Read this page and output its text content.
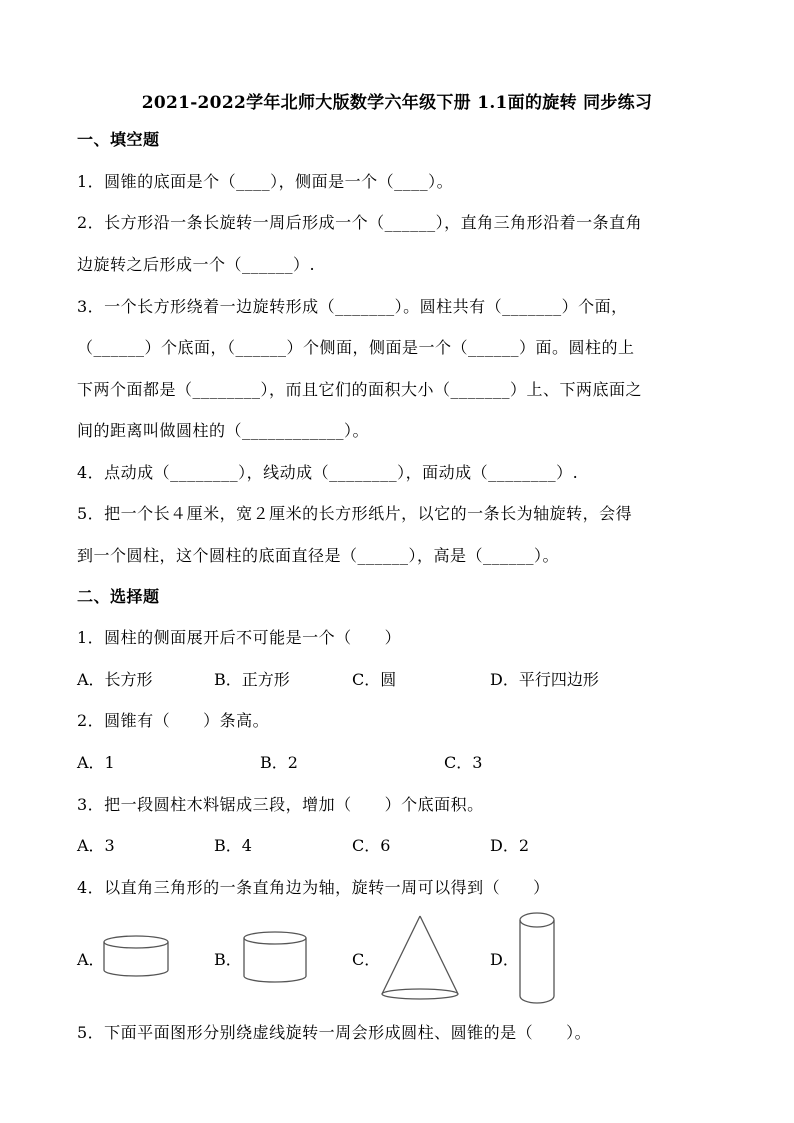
2021-2022学年北师大版数学六年级下册 1.1面的旋转 同步练习
一、填空题
1．圆锥的底面是个（____），侧面是一个（____）。
2．长方形沿一条长旋转一周后形成一个（______），直角三角形沿着一条直角
边旋转之后形成一个（______）.
3．一个长方形绕着一边旋转形成（_______）。圆柱共有（_______）个面，
（______）个底面，（______）个侧面，侧面是一个（______）面。圆柱的上
下两个面都是（________），而且它们的面积大小（_______）上、下两底面之
间的距离叫做圆柱的（____________）。
4．点动成（________），线动成（________），面动成（________）.
5．把一个长４厘米，宽２厘米的长方形纸片，以它的一条长为轴旋转，会得
到一个圆柱，这个圆柱的底面直径是（______），高是（______）。
二、选择题
1．圆柱的侧面展开后不可能是一个（　　）
A．长方形	B．正方形	C．圆	D．平行四边形
2．圆锥有（　　）条高。
A．1	B．2	C．3
3．把一段圆柱木料锯成三段，增加（　　）个底面积。
A．3	B．4	C．6	D．2
4．以直角三角形的一条直角边为轴，旋转一周可以得到（　　）
A．	B．	C．	D．
5．下面平面图形分别绕虚线旋转一周会形成圆柱、圆锥的是（　　）。
